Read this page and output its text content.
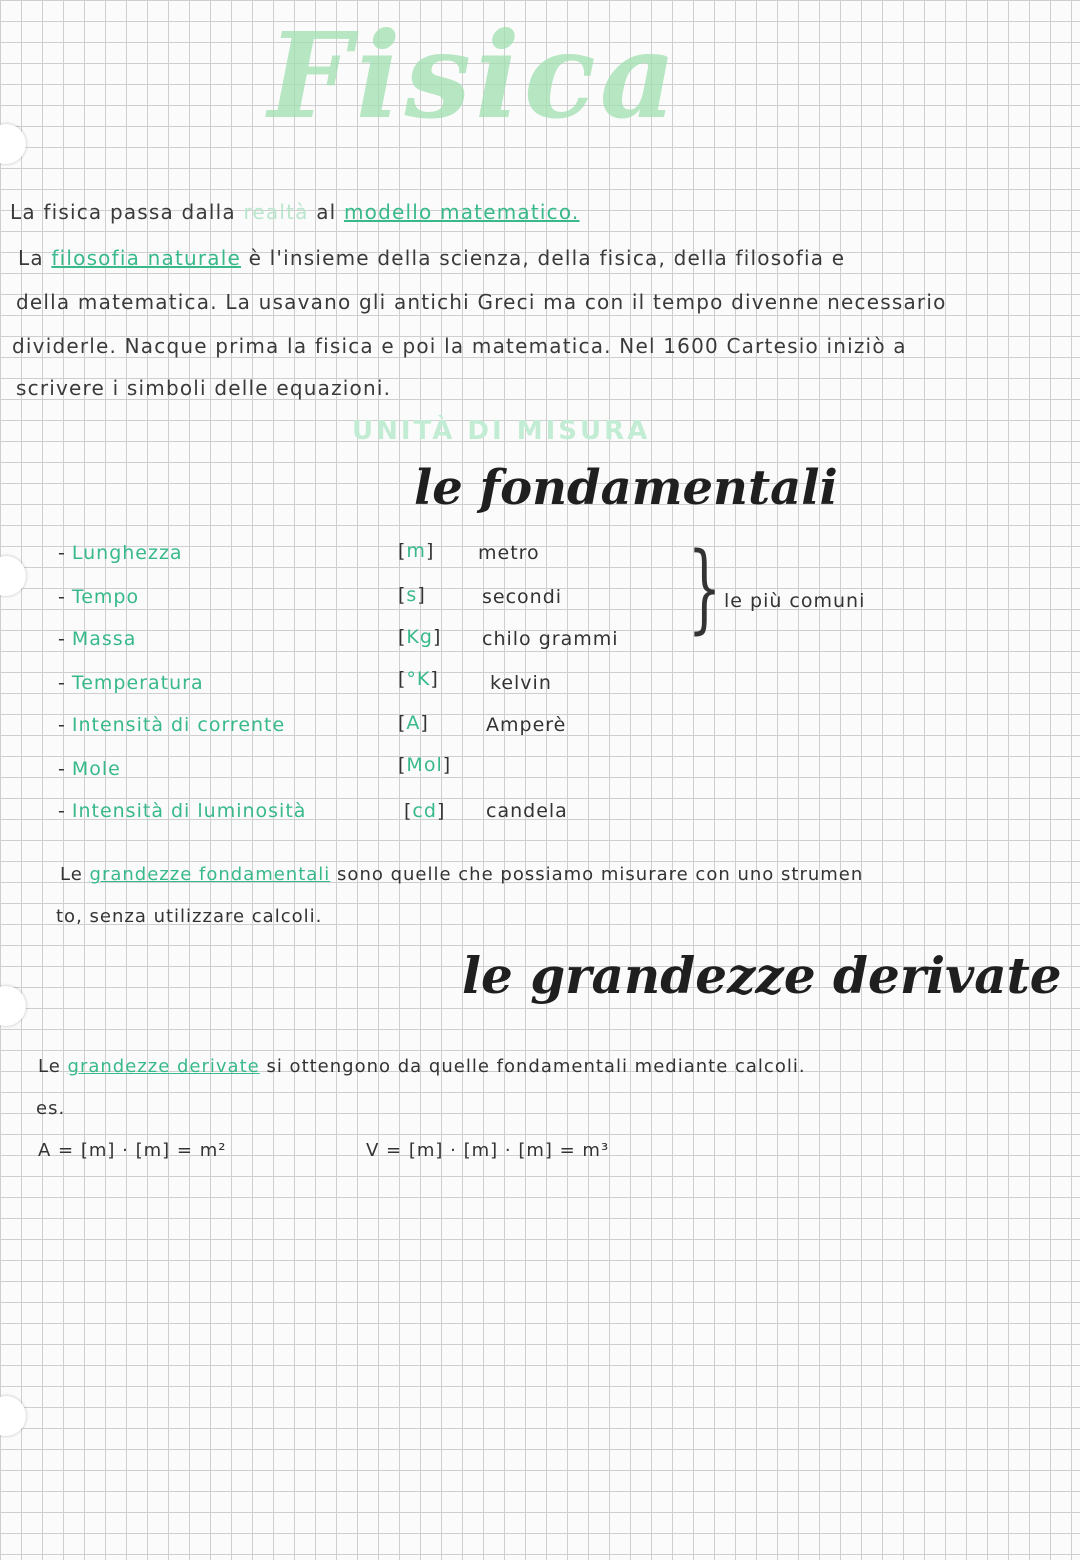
Fisica
La fisica passa dalla realtà al modello matematico.
La filosofia naturale è l'insieme della scienza, della fisica, della filosofia e
della matematica. La usavano gli antichi Greci ma con il tempo divenne necessario
dividerle. Nacque prima la fisica e poi la matematica. Nel 1600 Cartesio iniziò a
scrivere i simboli delle equazioni.
UNITÀ DI MISURA
le fondamentali
- Lunghezza
- Tempo
- Massa
- Temperatura
- Intensità di corrente
- Mole
- Intensità di luminosità
[m]
[s]
[Kg]
[°K]
[A]
[Mol]
[cd]
metro
secondi
chilo grammi
kelvin
Amperè
candela
} le più comuni
Le grandezze fondamentali sono quelle che possiamo misurare con uno strumen
to, senza utilizzare calcoli.
le grandezze derivate
Le grandezze derivate si ottengono da quelle fondamentali mediante calcoli.
es.
A = [m] · [m] = m²	V = [m] · [m] · [m] = m³
